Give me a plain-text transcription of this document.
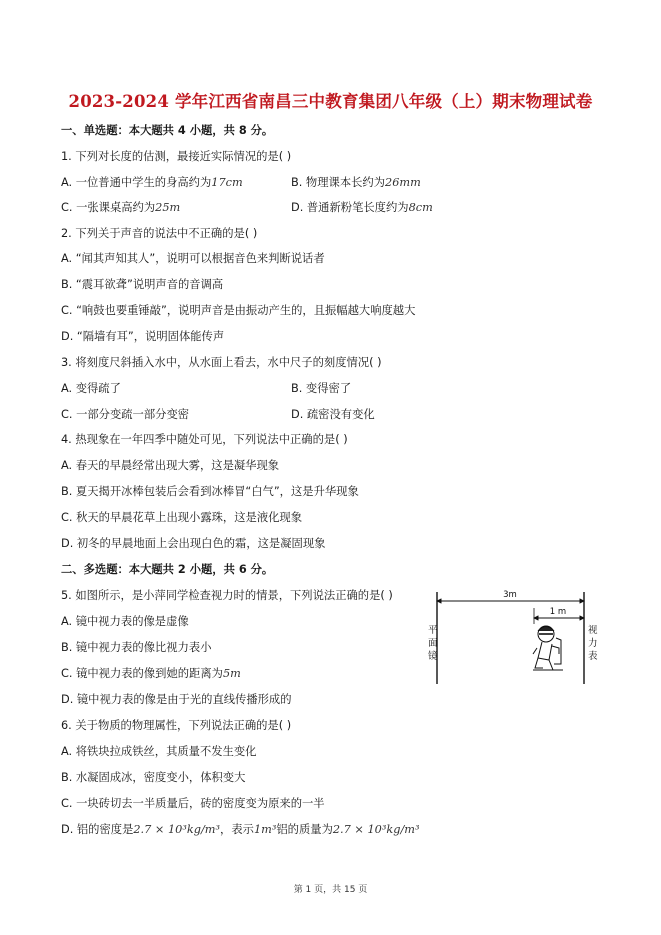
2023-2024 学年江西省南昌三中教育集团八年级（上）期末物理试卷
一、单选题：本大题共 4 小题，共 8 分。
1. 下列对长度的估测，最接近实际情况的是( )
A. 一位普通中学生的身高约为17cm	B. 物理课本长约为26mm
C. 一张课桌高约为25m	D. 普通新粉笔长度约为8cm
2. 下列关于声音的说法中不正确的是( )
A. “闻其声知其人”，说明可以根据音色来判断说话者
B. “震耳欲聋”说明声音的音调高
C. “响鼓也要重锤敲”，说明声音是由振动产生的，且振幅越大响度越大
D. “隔墙有耳”，说明固体能传声
3. 将刻度尺斜插入水中，从水面上看去，水中尺子的刻度情况( )
A. 变得疏了	B. 变得密了
C. 一部分变疏一部分变密	D. 疏密没有变化
4. 热现象在一年四季中随处可见，下列说法中正确的是( )
A. 春天的早晨经常出现大雾，这是凝华现象
B. 夏天揭开冰棒包装后会看到冰棒冒“白气”，这是升华现象
C. 秋天的早晨花草上出现小露珠，这是液化现象
D. 初冬的早晨地面上会出现白色的霜，这是凝固现象
二、多选题：本大题共 2 小题，共 6 分。
5. 如图所示，是小萍同学检查视力时的情景，下列说法正确的是( )
A. 镜中视力表的像是虚像
B. 镜中视力表的像比视力表小
C. 镜中视力表的像到她的距离为5m
D. 镜中视力表的像是由于光的直线传播形成的
3m
1 m
平
面
镜
视
力
表
6. 关于物质的物理属性，下列说法正确的是( )
A. 将铁块拉成铁丝，其质量不发生变化
B. 水凝固成冰，密度变小，体积变大
C. 一块砖切去一半质量后，砖的密度变为原来的一半
D. 铝的密度是2.7 × 10³kg/m³，表示1m³铝的质量为2.7 × 10³kg/m³
第 1 页，共 15 页
